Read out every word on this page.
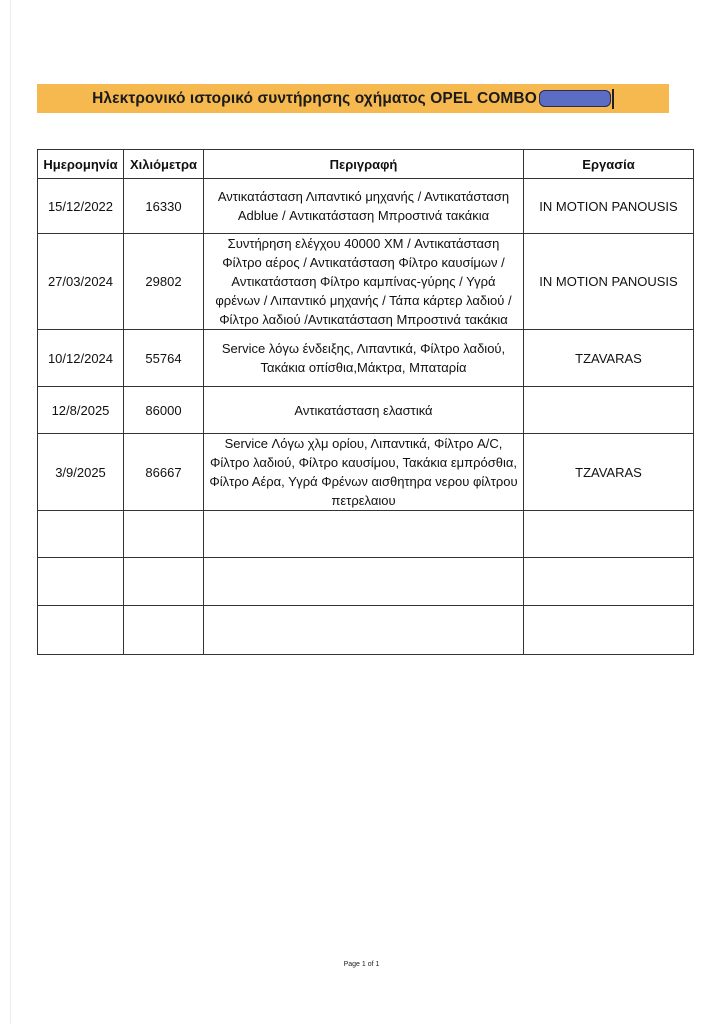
Ηλεκτρονικό ιστορικό συντήρησης οχήματος OPEL COMBO
Ημερομηνία	Χιλιόμετρα	Περιγραφή	Εργασία
15/12/2022	16330	Αντικατάσταση Λιπαντικό μηχανής / Αντικατάσταση Adblue / Αντικατάσταση Μπροστινά τακάκια	IN MOTION PANOUSIS
27/03/2024	29802	Συντήρηση ελέγχου 40000 XM / Αντικατάσταση Φίλτρο αέρος / Αντικατάσταση Φίλτρο καυσίμων / Αντικατάσταση Φίλτρο καμπίνας-γύρης / Υγρά φρένων / Λιπαντικό μηχανής / Τάπα κάρτερ λαδιού / Φίλτρο λαδιού /Αντικατάσταση Μπροστινά τακάκια	IN MOTION PANOUSIS
10/12/2024	55764	Service λόγω ένδειξης, Λιπαντικά, Φίλτρο λαδιού, Τακάκια οπίσθια,Μάκτρα, Μπαταρία	TZAVARAS
12/8/2025	86000	Αντικατάσταση ελαστικά	
3/9/2025	86667	Service Λόγω χλμ ορίου, Λιπαντικά, Φίλτρο A/C, Φίλτρο λαδιού, Φίλτρο καυσίμου, Τακάκια εμπρόσθια, Φίλτρο Αέρα, Υγρά Φρένων αισθητηρα νερου φίλτρου πετρελαιου	TZAVARAS

Page 1 of 1
